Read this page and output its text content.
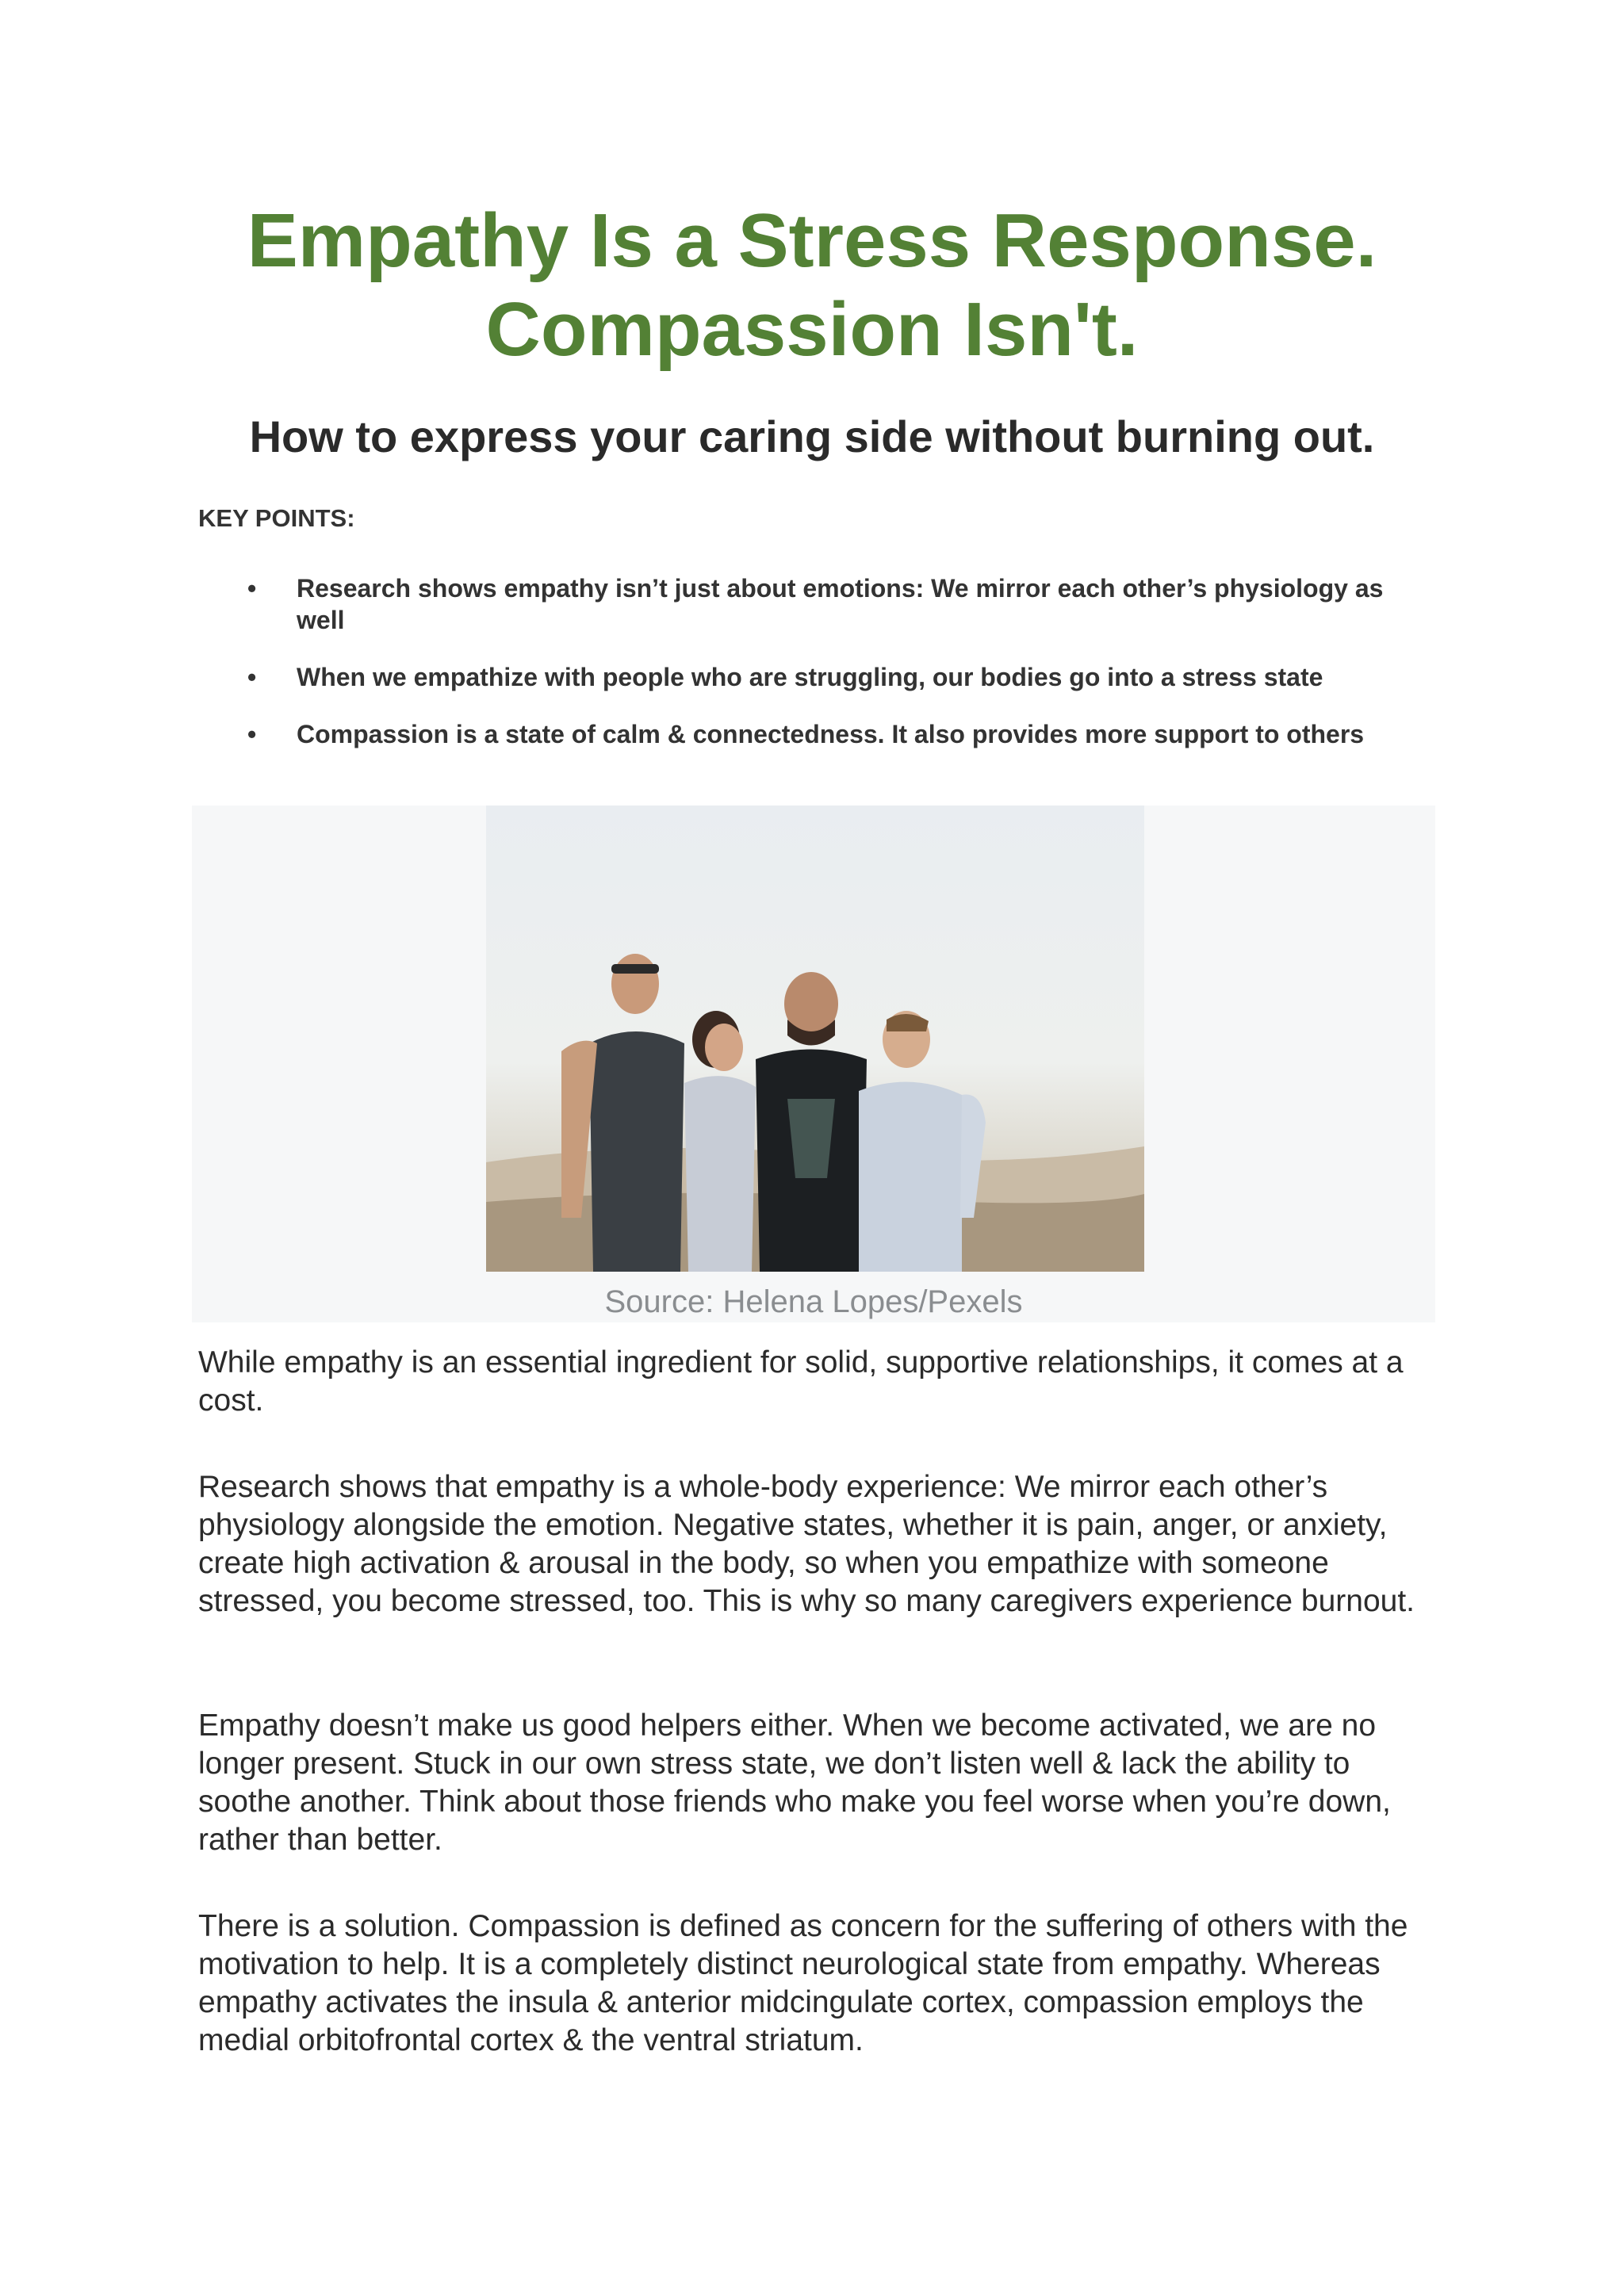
Empathy Is a Stress Response. Compassion Isn't.
How to express your caring side without burning out.
KEY POINTS:
• Research shows empathy isn’t just about emotions: We mirror each other’s physiology as well
• When we empathize with people who are struggling, our bodies go into a stress state
• Compassion is a state of calm & connectedness. It also provides more support to others
Source: Helena Lopes/Pexels

While empathy is an essential ingredient for solid, supportive relationships, it comes at a cost.

Research shows that empathy is a whole-body experience: We mirror each other’s physiology alongside the emotion. Negative states, whether it is pain, anger, or anxiety, create high activation & arousal in the body, so when you empathize with someone stressed, you become stressed, too. This is why so many caregivers experience burnout.

Empathy doesn’t make us good helpers either. When we become activated, we are no longer present. Stuck in our own stress state, we don’t listen well & lack the ability to soothe another. Think about those friends who make you feel worse when you’re down, rather than better.

There is a solution. Compassion is defined as concern for the suffering of others with the motivation to help. It is a completely distinct neurological state from empathy. Whereas empathy activates the insula & anterior midcingulate cortex, compassion employs the medial orbitofrontal cortex & the ventral striatum.
